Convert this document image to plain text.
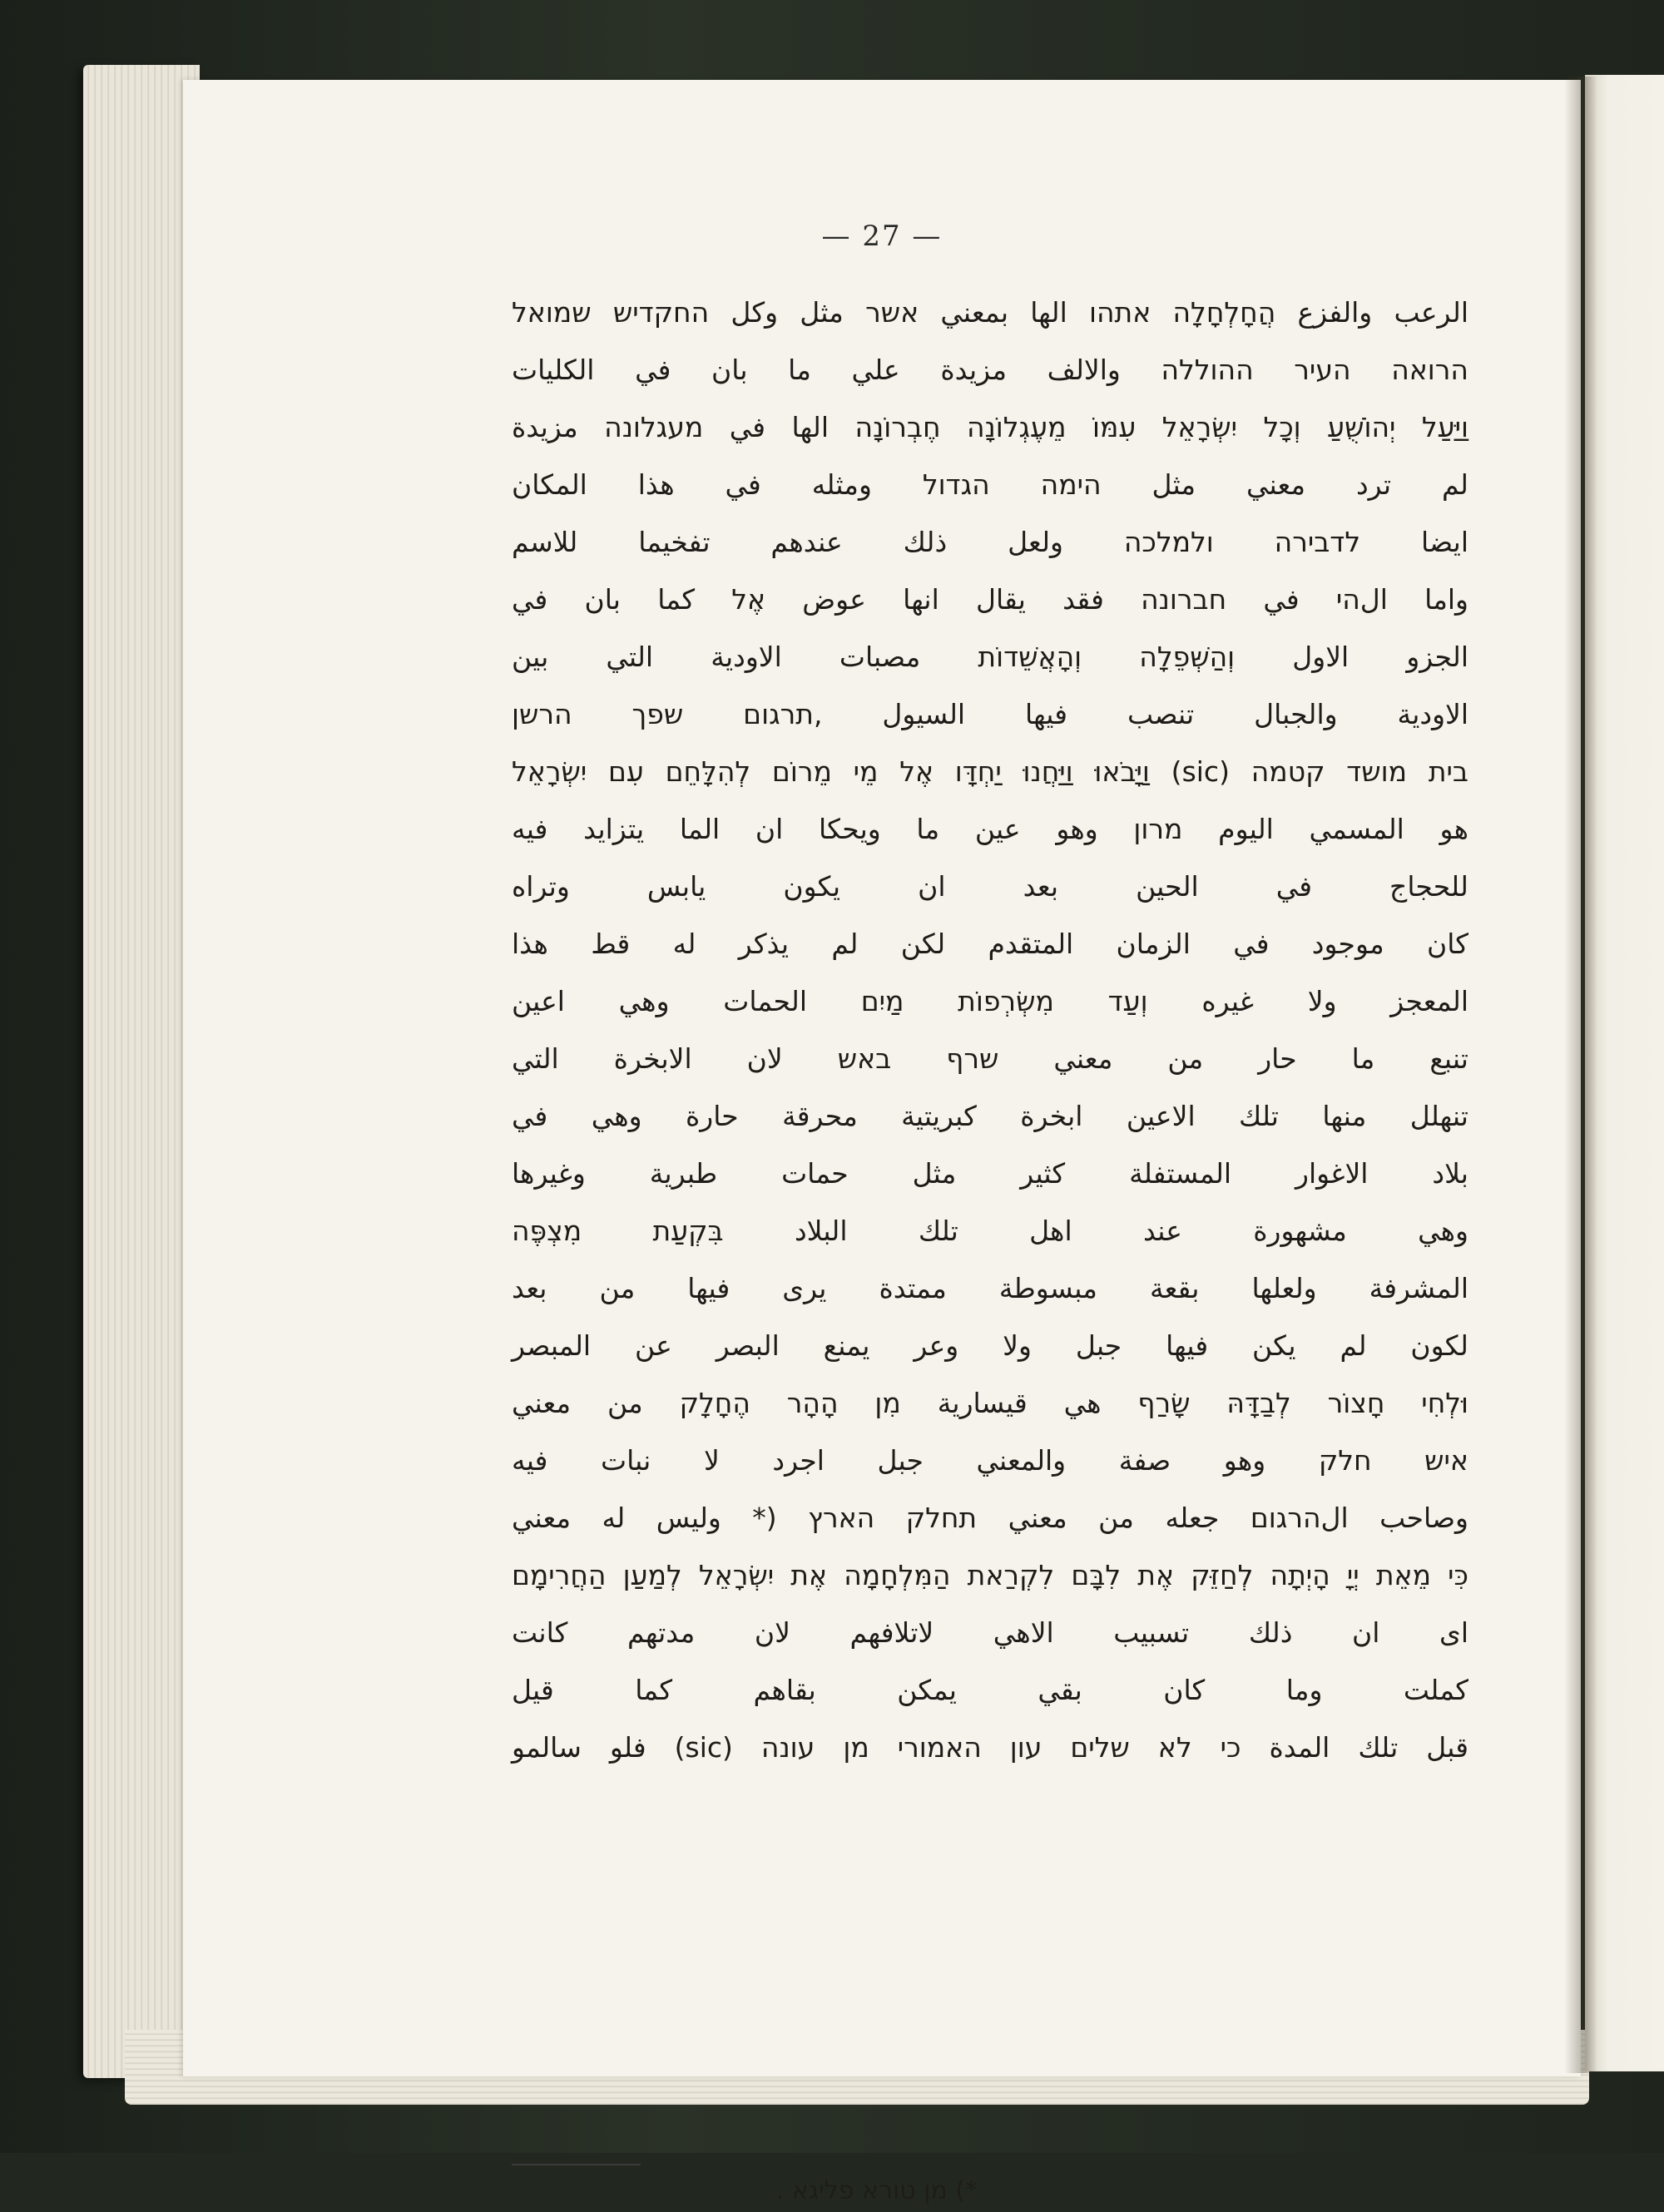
— 27 —
الرعب والفزع הֲחָלְחָלָה אתהו الها بمعني אשר مثل وكل החקדיש שמואל
הרואה העיר ההוללה والالف مزيدة علي ما بان في الكليات
וַיַּעַל יְהוֹשֻׁעַ וְכָל יִשְׂרָאֵל עִמּוֹ מֵעֶגְלוֹנָה חֶבְרוֹנָה الها في מעגלונה مزيدة
لم ترد معني مثل הימה הגדול ومثله في هذا المكان
ايضا לדבירה ולמלכה ولعل ذلك عندهم تفخيما للاسم
واما الהי في חברונה فقد يقال انها عوض אֶל كما بان في
الجزو الاول וְהַשְּׁפֵלָה וְהָאֲשֵׁדוֹת مصبات الاودية التي بين
الاودية والجبال تنصب فيها السيول ,תרגום שפך הרשן
בית מושד קטמה (sic) וַיָּבֹאוּ וַיַּחֲנוּ יַחְדָּו אֶל מֵי מֵרוֹם לְהִלָּחֵם עִם יִשְׂרָאֵל
هو المسمي اليوم מרון وهو عين ما ويحكا ان الما يتزايد فيه
للحجاج في الحين بعد ان يكون يابس وتراه
كان موجود في الزمان المتقدم لكن لم يذكر له قط هذا
المعجز ولا غيره וְעַד מִשְׂרְפוֹת מַיִם الحمات وهي اعين
تنبع ما حار من معني שרף באש لان الابخرة التي
تنهلل منها تلك الاعين ابخرة كبريتية محرقة حارة وهي في
بلاد الاغوار المستفلة كثير مثل حمات طبرية وغيرها
وهي مشهورة عند اهل تلك البلاد בִּקְעַת מִצְפֶּה
المشرفة ولعلها بقعة مبسوطة ممتدة يرى فيها من بعد
لكون لم يكن فيها جبل ولا وعر يمنع البصر عن المبصر
וּלְחִי חָצוֹר לְבַדָּהּ שָׂרַף هي قيسارية מִן הָהָר הֶחָלָק من معني
איש חלק وهو صفة والمعني جبل اجرد لا نبات فيه
وصاحب الהרגום جعله من معني תחלק הארץ (* وليس له معني
כִּי מֵאֵת יְיָ הָיְתָה לְחַזֵּק אֶת לִבָּם לִקְרַאת הַמִּלְחָמָה אֶת יִשְׂרָאֵל לְמַעַן הַחֲרִימָם
اى ان ذلك تسبيب الاهي لاتلافهم لان مدتهم كانت
كملت وما كان بقي يمكن بقاهم كما قيل
قبل تلك المدة כי לא שלים עון האמורי מן עונה (sic) فلو سالمو
*) מן טורא פליגא .
